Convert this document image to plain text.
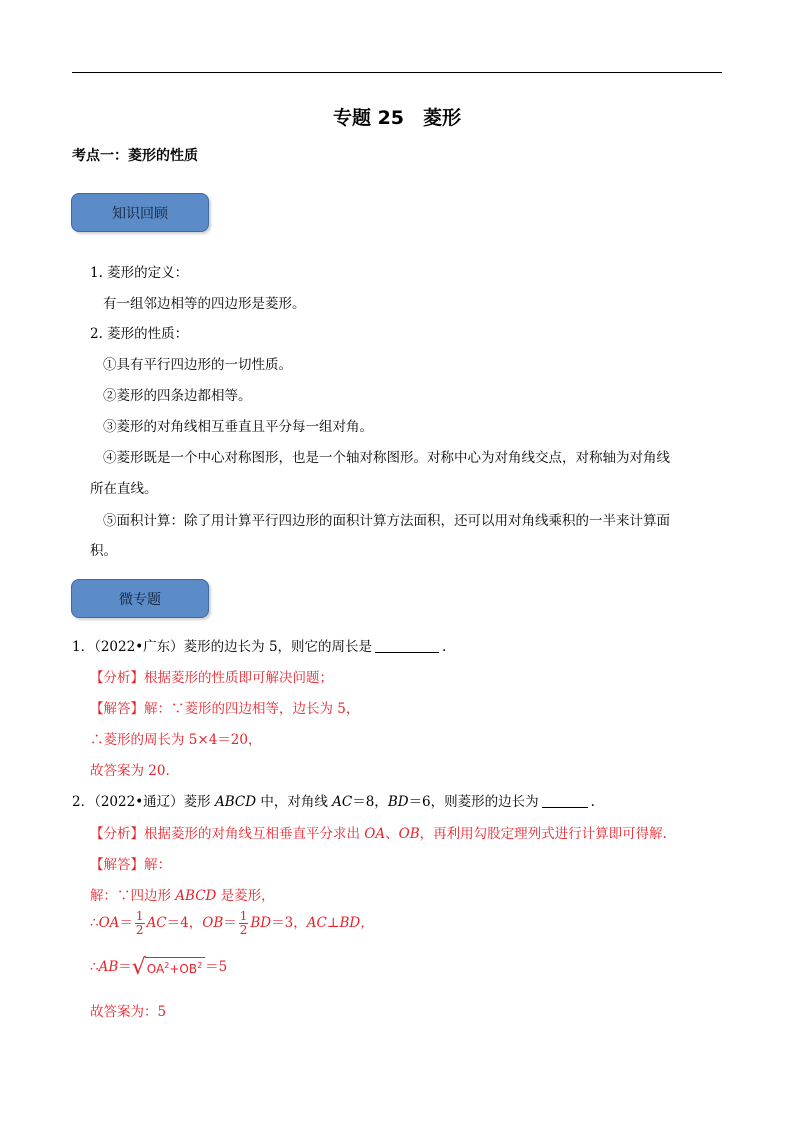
专题 25　菱形
考点一：菱形的性质
知识回顾
1. 菱形的定义：
有一组邻边相等的四边形是菱形。
2. 菱形的性质：
①具有平行四边形的一切性质。
②菱形的四条边都相等。
③菱形的对角线相互垂直且平分每一组对角。
④菱形既是一个中心对称图形，也是一个轴对称图形。对称中心为对角线交点，对称轴为对角线
所在直线。
⑤面积计算：除了用计算平行四边形的面积计算方法面积，还可以用对角线乘积的一半来计算面
积。
微专题
1．（2022•广东）菱形的边长为 5，则它的周长是	.
【分析】根据菱形的性质即可解决问题；
【解答】解：∵菱形的四边相等，边长为 5，
∴菱形的周长为 5×4＝20，
故答案为 20.
2．（2022•通辽）菱形 ABCD 中，对角线 AC＝8，BD＝6，则菱形的边长为	.
【分析】根据菱形的对角线互相垂直平分求出 OA、OB，再利用勾股定理列式进行计算即可得解.
【解答】解：
解：∵四边形 ABCD 是菱形，
∴OA＝ $\frac{1}{2} AC=4$，$OB= \frac{1}{2} BD=3$，AC⊥BD，
∴AB＝ √ $OA^2+OB^2 =5$
故答案为：5
